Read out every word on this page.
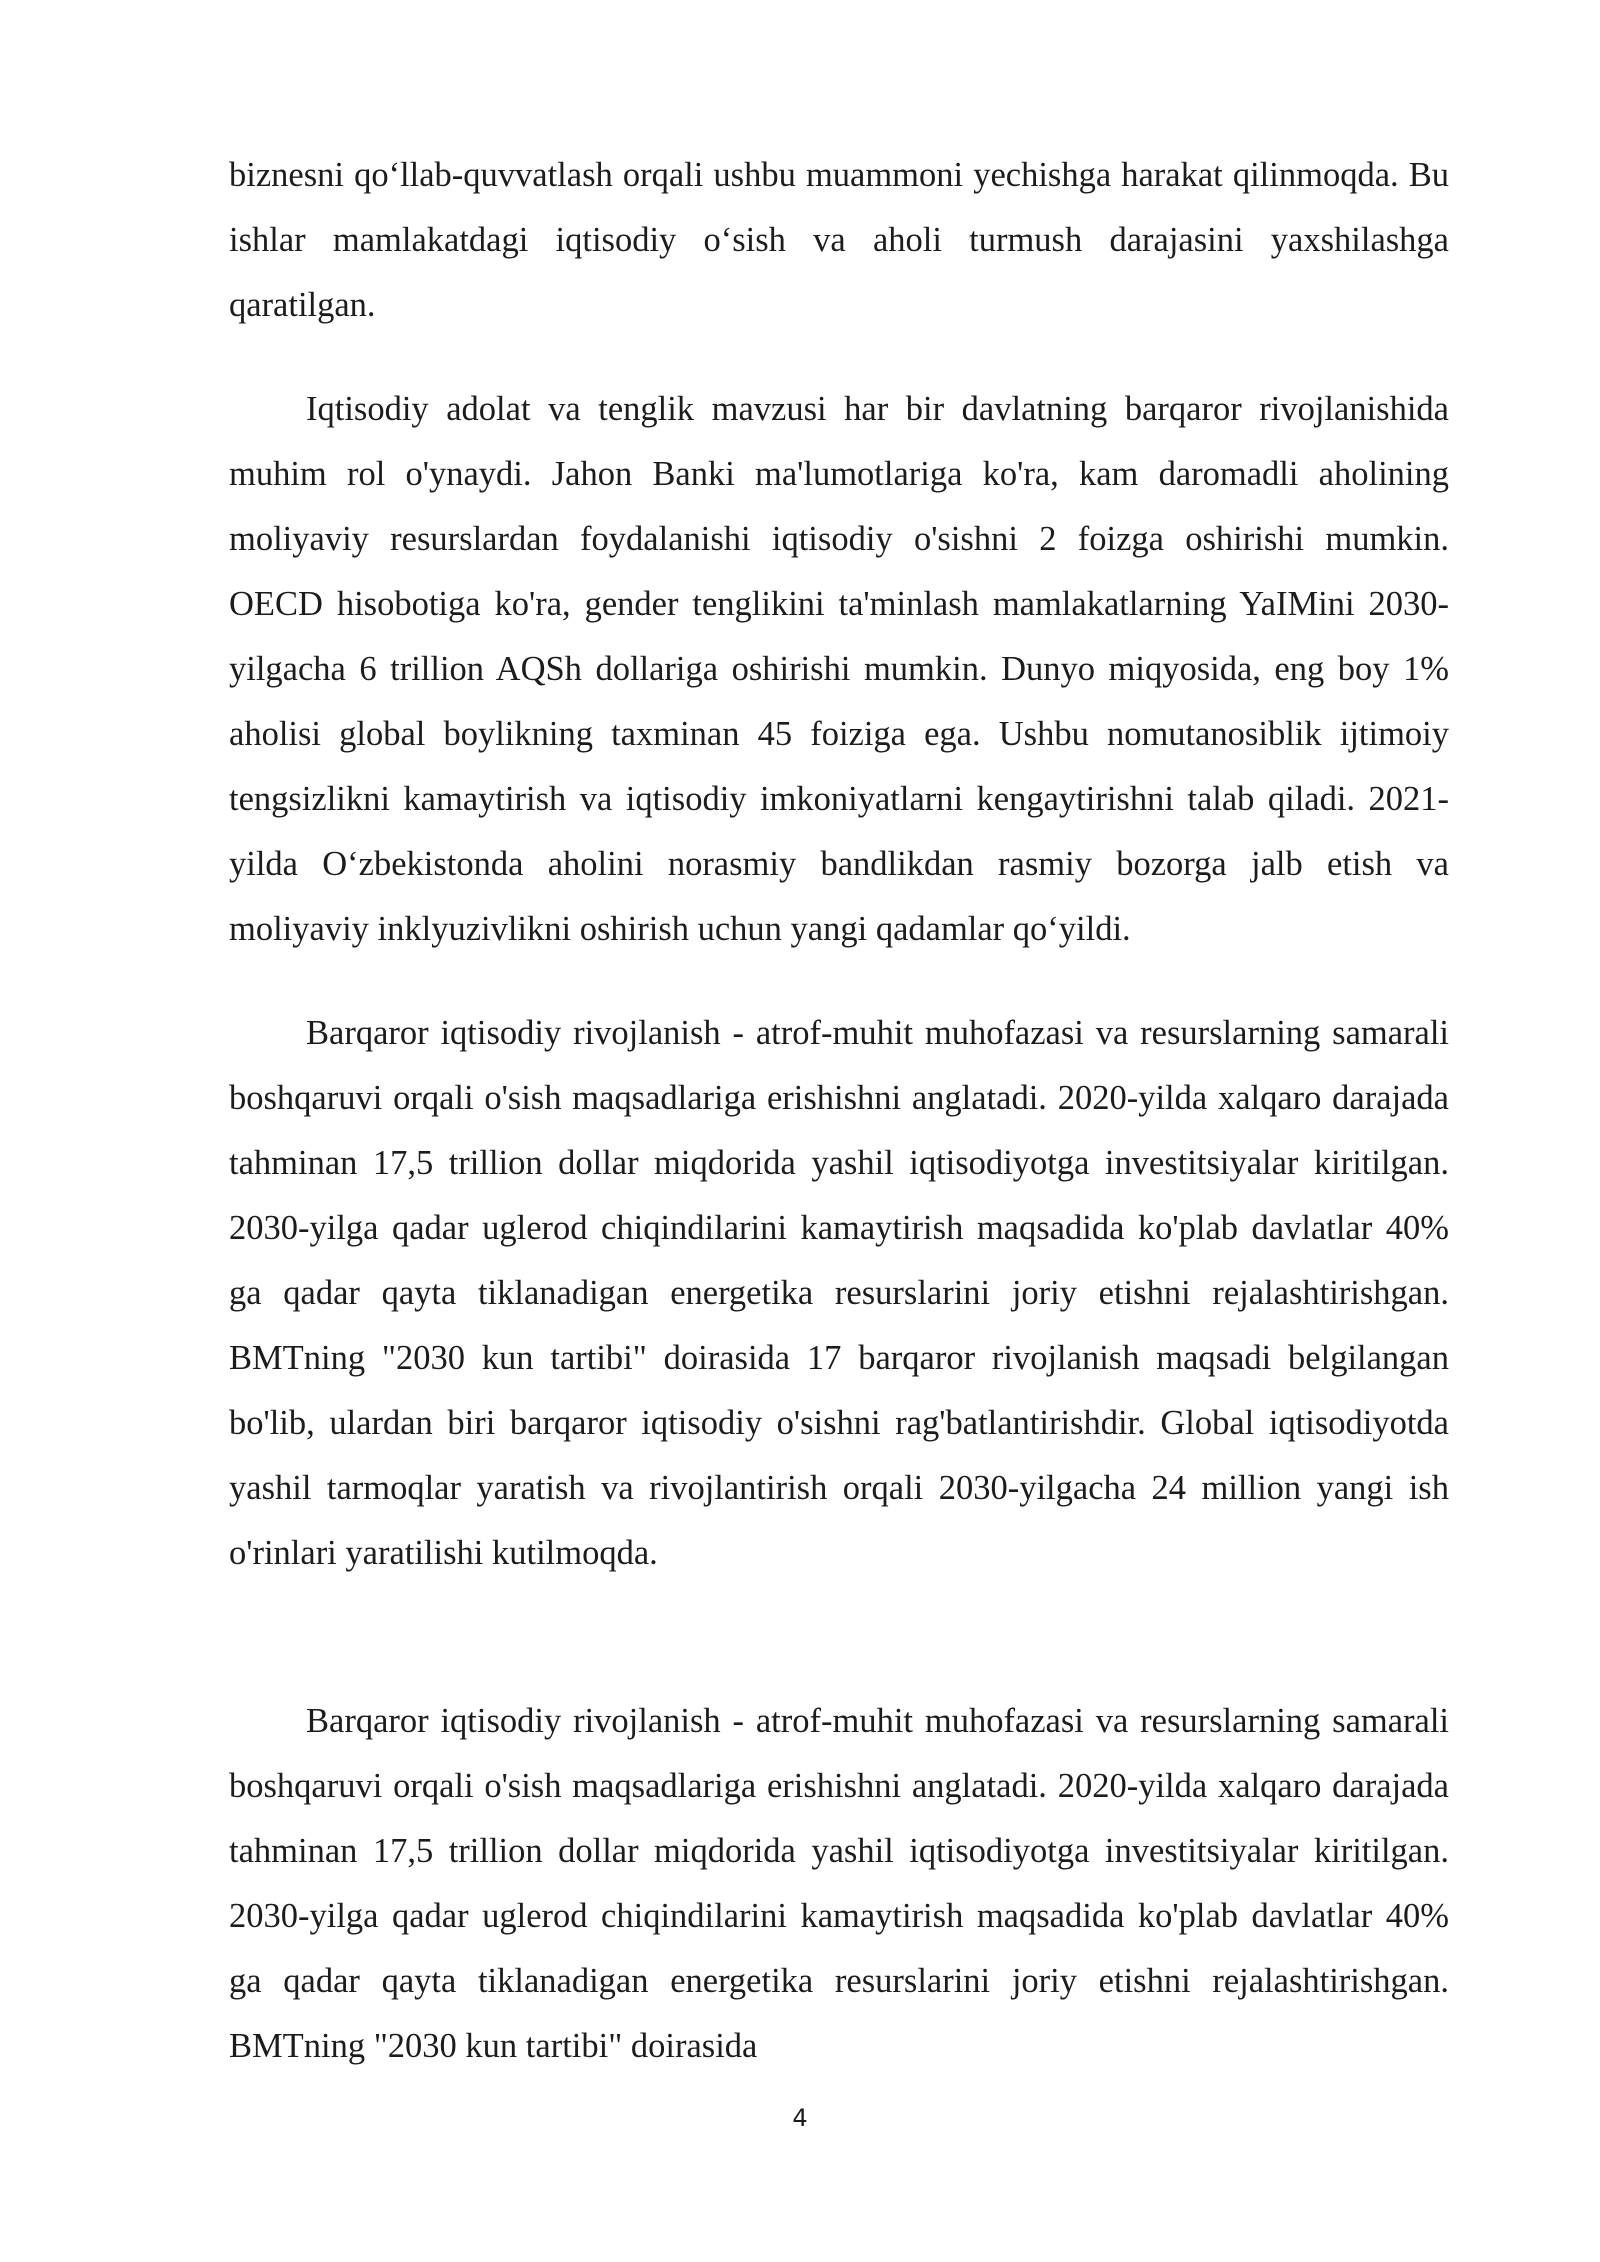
biznesni qo‘llab-quvvatlash orqali ushbu muammoni yechishga harakat qilinmoqda. Bu ishlar mamlakatdagi iqtisodiy o‘sish va aholi turmush darajasini yaxshilashga qaratilgan.

Iqtisodiy adolat va tenglik mavzusi har bir davlatning barqaror rivojlanishida muhim rol o'ynaydi. Jahon Banki ma'lumotlariga ko'ra, kam daromadli aholining moliyaviy resurslardan foydalanishi iqtisodiy o'sishni 2 foizga oshirishi mumkin. OECD hisobotiga ko'ra, gender tenglikini ta'minlash mamlakatlarning YaIMini 2030-yilgacha 6 trillion AQSh dollariga oshirishi mumkin. Dunyo miqyosida, eng boy 1% aholisi global boylikning taxminan 45 foiziga ega. Ushbu nomutanosiblik ijtimoiy tengsizlikni kamaytirish va iqtisodiy imkoniyatlarni kengaytirishni talab qiladi. 2021-yilda O‘zbekistonda aholini norasmiy bandlikdan rasmiy bozorga jalb etish va moliyaviy inklyuzivlikni oshirish uchun yangi qadamlar qo‘yildi.

Barqaror iqtisodiy rivojlanish - atrof-muhit muhofazasi va resurslarning samarali boshqaruvi orqali o'sish maqsadlariga erishishni anglatadi. 2020-yilda xalqaro darajada tahminan 17,5 trillion dollar miqdorida yashil iqtisodiyotga investitsiyalar kiritilgan. 2030-yilga qadar uglerod chiqindilarini kamaytirish maqsadida ko'plab davlatlar 40% ga qadar qayta tiklanadigan energetika resurslarini joriy etishni rejalashtirishgan. BMTning "2030 kun tartibi" doirasida 17 barqaror rivojlanish maqsadi belgilangan bo'lib, ulardan biri barqaror iqtisodiy o'sishni rag'batlantirishdir. Global iqtisodiyotda yashil tarmoqlar yaratish va rivojlantirish orqali 2030-yilgacha 24 million yangi ish o'rinlari yaratilishi kutilmoqda.

Barqaror iqtisodiy rivojlanish - atrof-muhit muhofazasi va resurslarning samarali boshqaruvi orqali o'sish maqsadlariga erishishni anglatadi. 2020-yilda xalqaro darajada tahminan 17,5 trillion dollar miqdorida yashil iqtisodiyotga investitsiyalar kiritilgan. 2030-yilga qadar uglerod chiqindilarini kamaytirish maqsadida ko'plab davlatlar 40% ga qadar qayta tiklanadigan energetika resurslarini joriy etishni rejalashtirishgan. BMTning "2030 kun tartibi" doirasida

4
